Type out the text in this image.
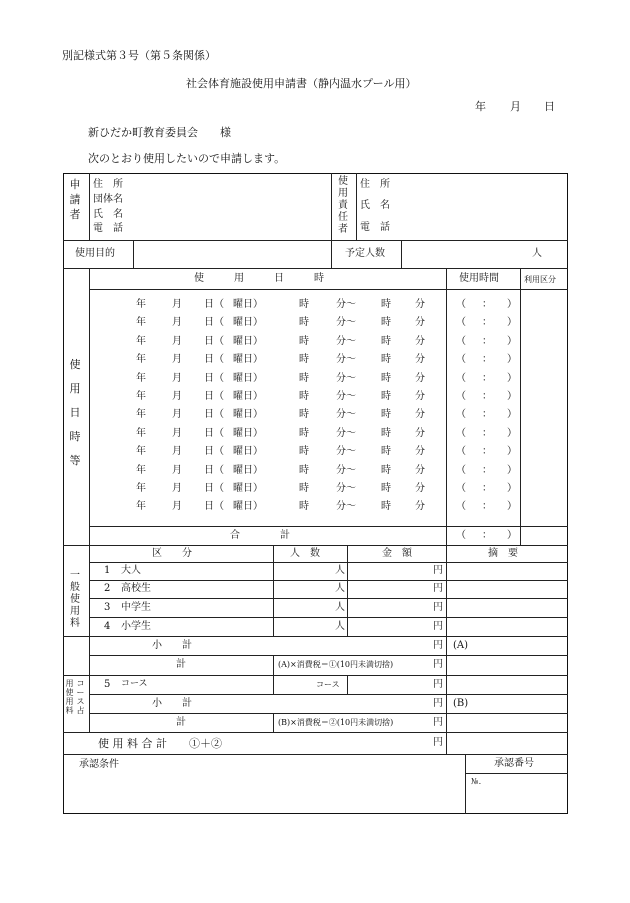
別記様式第３号（第５条関係）
社会体育施設使用申請書（静内温水プール用）
年 月 日
新ひだか町教育委員会　　様
次のとおり使用したいので申請します。
申請者
住　所
団体名
氏　名
電　話
使用責任者
住　所
氏　名
電　話
使用目的	予定人数	人
使用日時等
使　　　用　　　日　　　時	使用時間	利用区分
年	月 日（ 曜日）	時	分～	時 分	（ ： ）
年	月 日（ 曜日）	時	分～	時 分	（ ： ）
年	月 日（ 曜日）	時	分～	時 分	（ ： ）
年	月 日（ 曜日）	時	分～	時 分	（ ： ）
年	月 日（ 曜日）	時	分～	時 分	（ ： ）
年	月 日（ 曜日）	時	分～	時 分	（ ： ）
年	月 日（ 曜日）	時	分～	時 分	（ ： ）
年	月 日（ 曜日）	時	分～	時 分	（ ： ）
年	月 日（ 曜日）	時	分～	時 分	（ ： ）
年	月 日（ 曜日）	時	分～	時 分	（ ： ）
年	月 日（ 曜日）	時	分～	時 分	（ ： ）
年	月 日（ 曜日）	時	分～	時 分	（ ： ）
合　　　　計	（ ： ）
一般使用料
区　　分	人　数	金　額	摘　要
1 大人	人	円
2 高校生	人	円
3 中学生	人	円
4 小学生	人	円
小　　計	円 (A)
計	(A)×消費税＝①(10円未満切捨)	円
用
使
用
料
コ
ー
ス
占
5 コース	コース	円
小　　計	円 (B)
計	(B)×消費税＝②(10円未満切捨)	円
使 用 料 合 計　　①＋②	円
承認条件	承認番号
№.
